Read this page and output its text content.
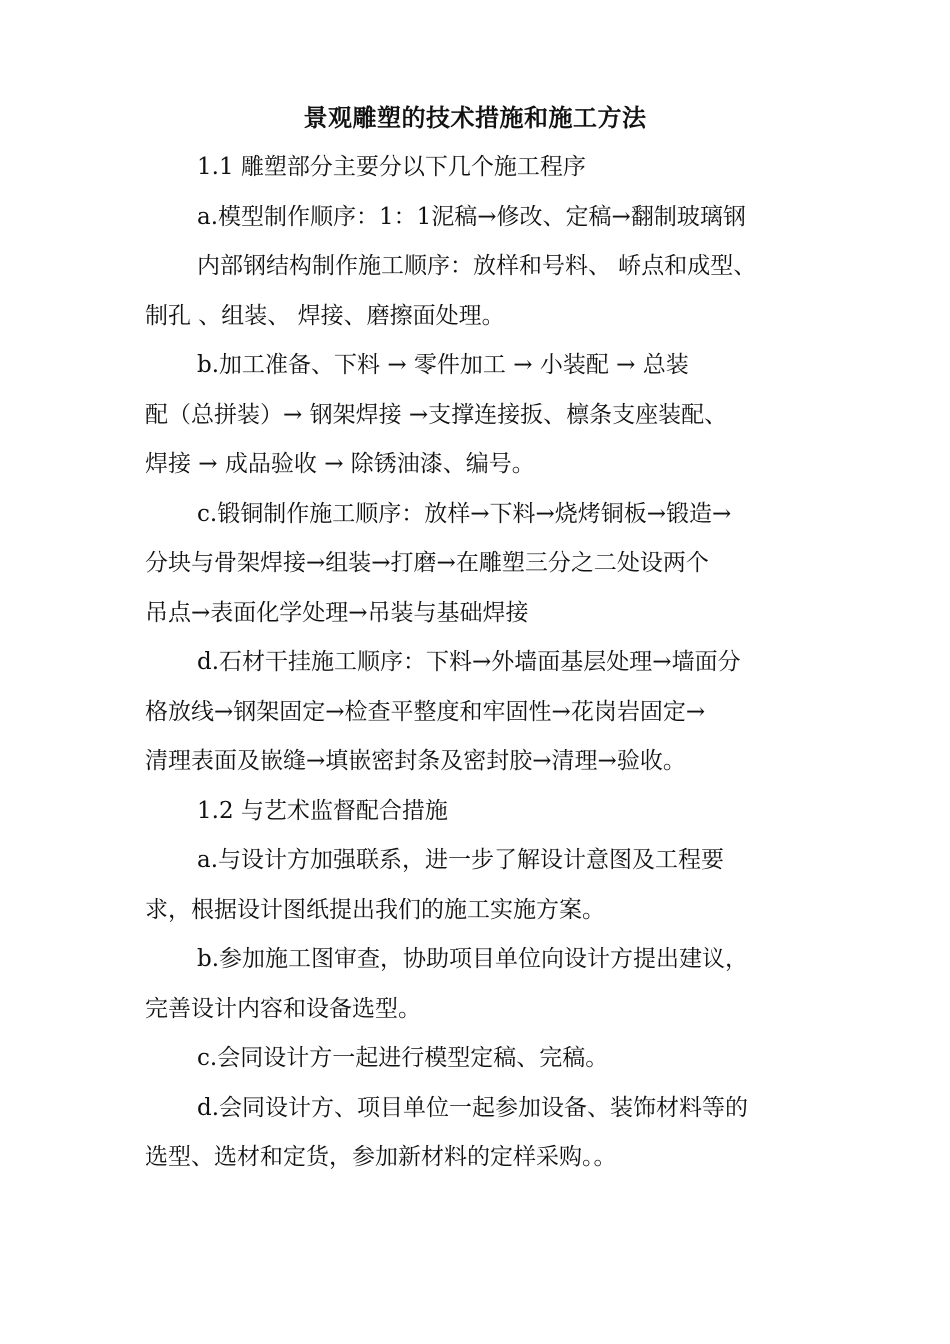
景观雕塑的技术措施和施工方法
1.1 雕塑部分主要分以下几个施工程序
a.模型制作顺序：1：1泥稿→修改、定稿→翻制玻璃钢
内部钢结构制作施工顺序：放样和号料、 峤点和成型、
制孔 、组装、 焊接、磨擦面处理。
b.加工准备、下料 → 零件加工 → 小装配 → 总装
配（总拼装）→ 钢架焊接 →支撑连接扳、檩条支座装配、
焊接 → 成品验收 → 除锈油漆、编号。
c.锻铜制作施工顺序：放样→下料→烧烤铜板→锻造→
分块与骨架焊接→组装→打磨→在雕塑三分之二处设两个
吊点→表面化学处理→吊装与基础焊接
d.石材干挂施工顺序：下料→外墙面基层处理→墙面分
格放线→钢架固定→检查平整度和牢固性→花岗岩固定→
清理表面及嵌缝→填嵌密封条及密封胶→清理→验收。
1.2 与艺术监督配合措施
a.与设计方加强联系，进一步了解设计意图及工程要
求，根据设计图纸提出我们的施工实施方案。
b.参加施工图审查，协助项目单位向设计方提出建议，
完善设计内容和设备选型。
c.会同设计方一起进行模型定稿、完稿。
d.会同设计方、项目单位一起参加设备、装饰材料等的
选型、选材和定货，参加新材料的定样采购。。
